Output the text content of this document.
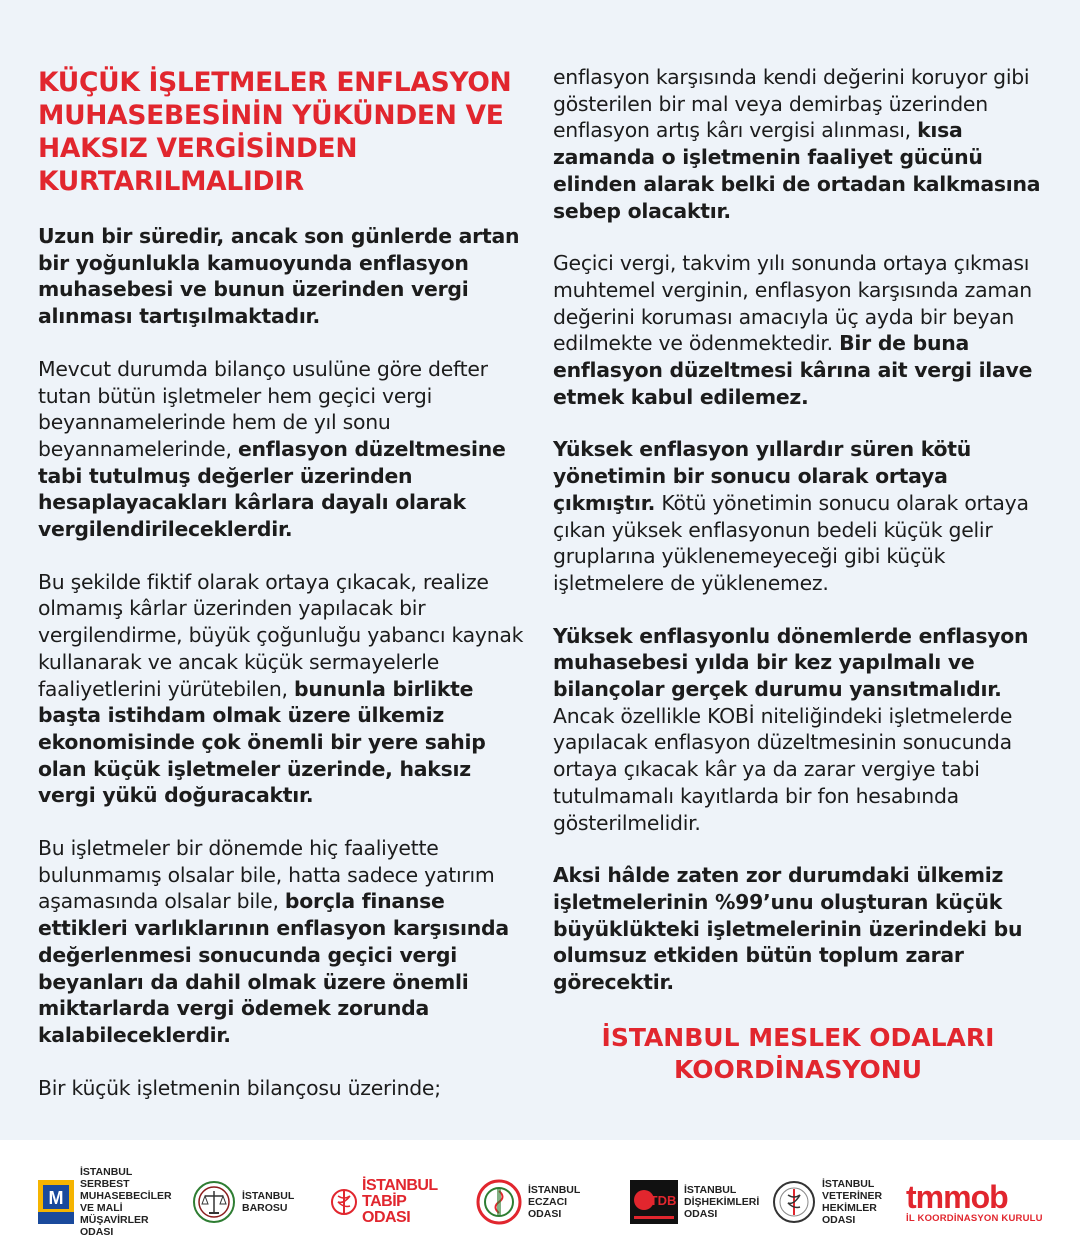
KÜÇÜK İŞLETMELER ENFLASYON MUHASEBESİNİN YÜKÜNDEN VE HAKSIZ VERGİSİNDEN KURTARILMALIDIR

Uzun bir süredir, ancak son günlerde artan bir yoğunlukla kamuoyunda enflasyon muhasebesi ve bunun üzerinden vergi alınması tartışılmaktadır.

Mevcut durumda bilanço usulüne göre defter tutan bütün işletmeler hem geçici vergi beyannamelerinde hem de yıl sonu beyannamelerinde, enflasyon düzeltmesine tabi tutulmuş değerler üzerinden hesaplayacakları kârlara dayalı olarak vergilendirileceklerdir.

Bu şekilde fiktif olarak ortaya çıkacak, realize olmamış kârlar üzerinden yapılacak bir vergilendirme, büyük çoğunluğu yabancı kaynak kullanarak ve ancak küçük sermayelerle faaliyetlerini yürütebilen, bununla birlikte başta istihdam olmak üzere ülkemiz ekonomisinde çok önemli bir yere sahip olan küçük işletmeler üzerinde, haksız vergi yükü doğuracaktır.

Bu işletmeler bir dönemde hiç faaliyette bulunmamış olsalar bile, hatta sadece yatırım aşamasında olsalar bile, borçla finanse ettikleri varlıklarının enflasyon karşısında değerlenmesi sonucunda geçici vergi beyanları da dahil olmak üzere önemli miktarlarda vergi ödemek zorunda kalabileceklerdir.

Bir küçük işletmenin bilançosu üzerinde;

enflasyon karşısında kendi değerini koruyor gibi gösterilen bir mal veya demirbaş üzerinden enflasyon artış kârı vergisi alınması, kısa zamanda o işletmenin faaliyet gücünü elinden alarak belki de ortadan kalkmasına sebep olacaktır.

Geçici vergi, takvim yılı sonunda ortaya çıkması muhtemel verginin, enflasyon karşısında zaman değerini koruması amacıyla üç ayda bir beyan edilmekte ve ödenmektedir. Bir de buna enflasyon düzeltmesi kârına ait vergi ilave etmek kabul edilemez.

Yüksek enflasyon yıllardır süren kötü yönetimin bir sonucu olarak ortaya çıkmıştır. Kötü yönetimin sonucu olarak ortaya çıkan yüksek enflasyonun bedeli küçük gelir gruplarına yüklenemeyeceği gibi küçük işletmelere de yüklenemez.

Yüksek enflasyonlu dönemlerde enflasyon muhasebesi yılda bir kez yapılmalı ve bilançolar gerçek durumu yansıtmalıdır. Ancak özellikle KOBİ niteliğindeki işletmelerde yapılacak enflasyon düzeltmesinin sonucunda ortaya çıkacak kâr ya da zarar vergiye tabi tutulmamalı kayıtlarda bir fon hesabında gösterilmelidir.

Aksi hâlde zaten zor durumdaki ülkemiz işletmelerinin %99’unu oluşturan küçük büyüklükteki işletmelerinin üzerindeki bu olumsuz etkiden bütün toplum zarar görecektir.

İSTANBUL MESLEK ODALARI
KOORDİNASYONU
M
İSTANBUL SERBEST MUHASEBECİLER VE MALİ MÜŞAVİRLER ODASI
İSTANBUL BAROSU
İSTANBUL TABİP ODASI
İSTANBUL ECZACI ODASI
TDB
İSTANBUL DİŞHEKİMLERİ ODASI
İSTANBUL VETERİNER HEKİMLER ODASI
tmmob
İL KOORDİNASYON KURULU
